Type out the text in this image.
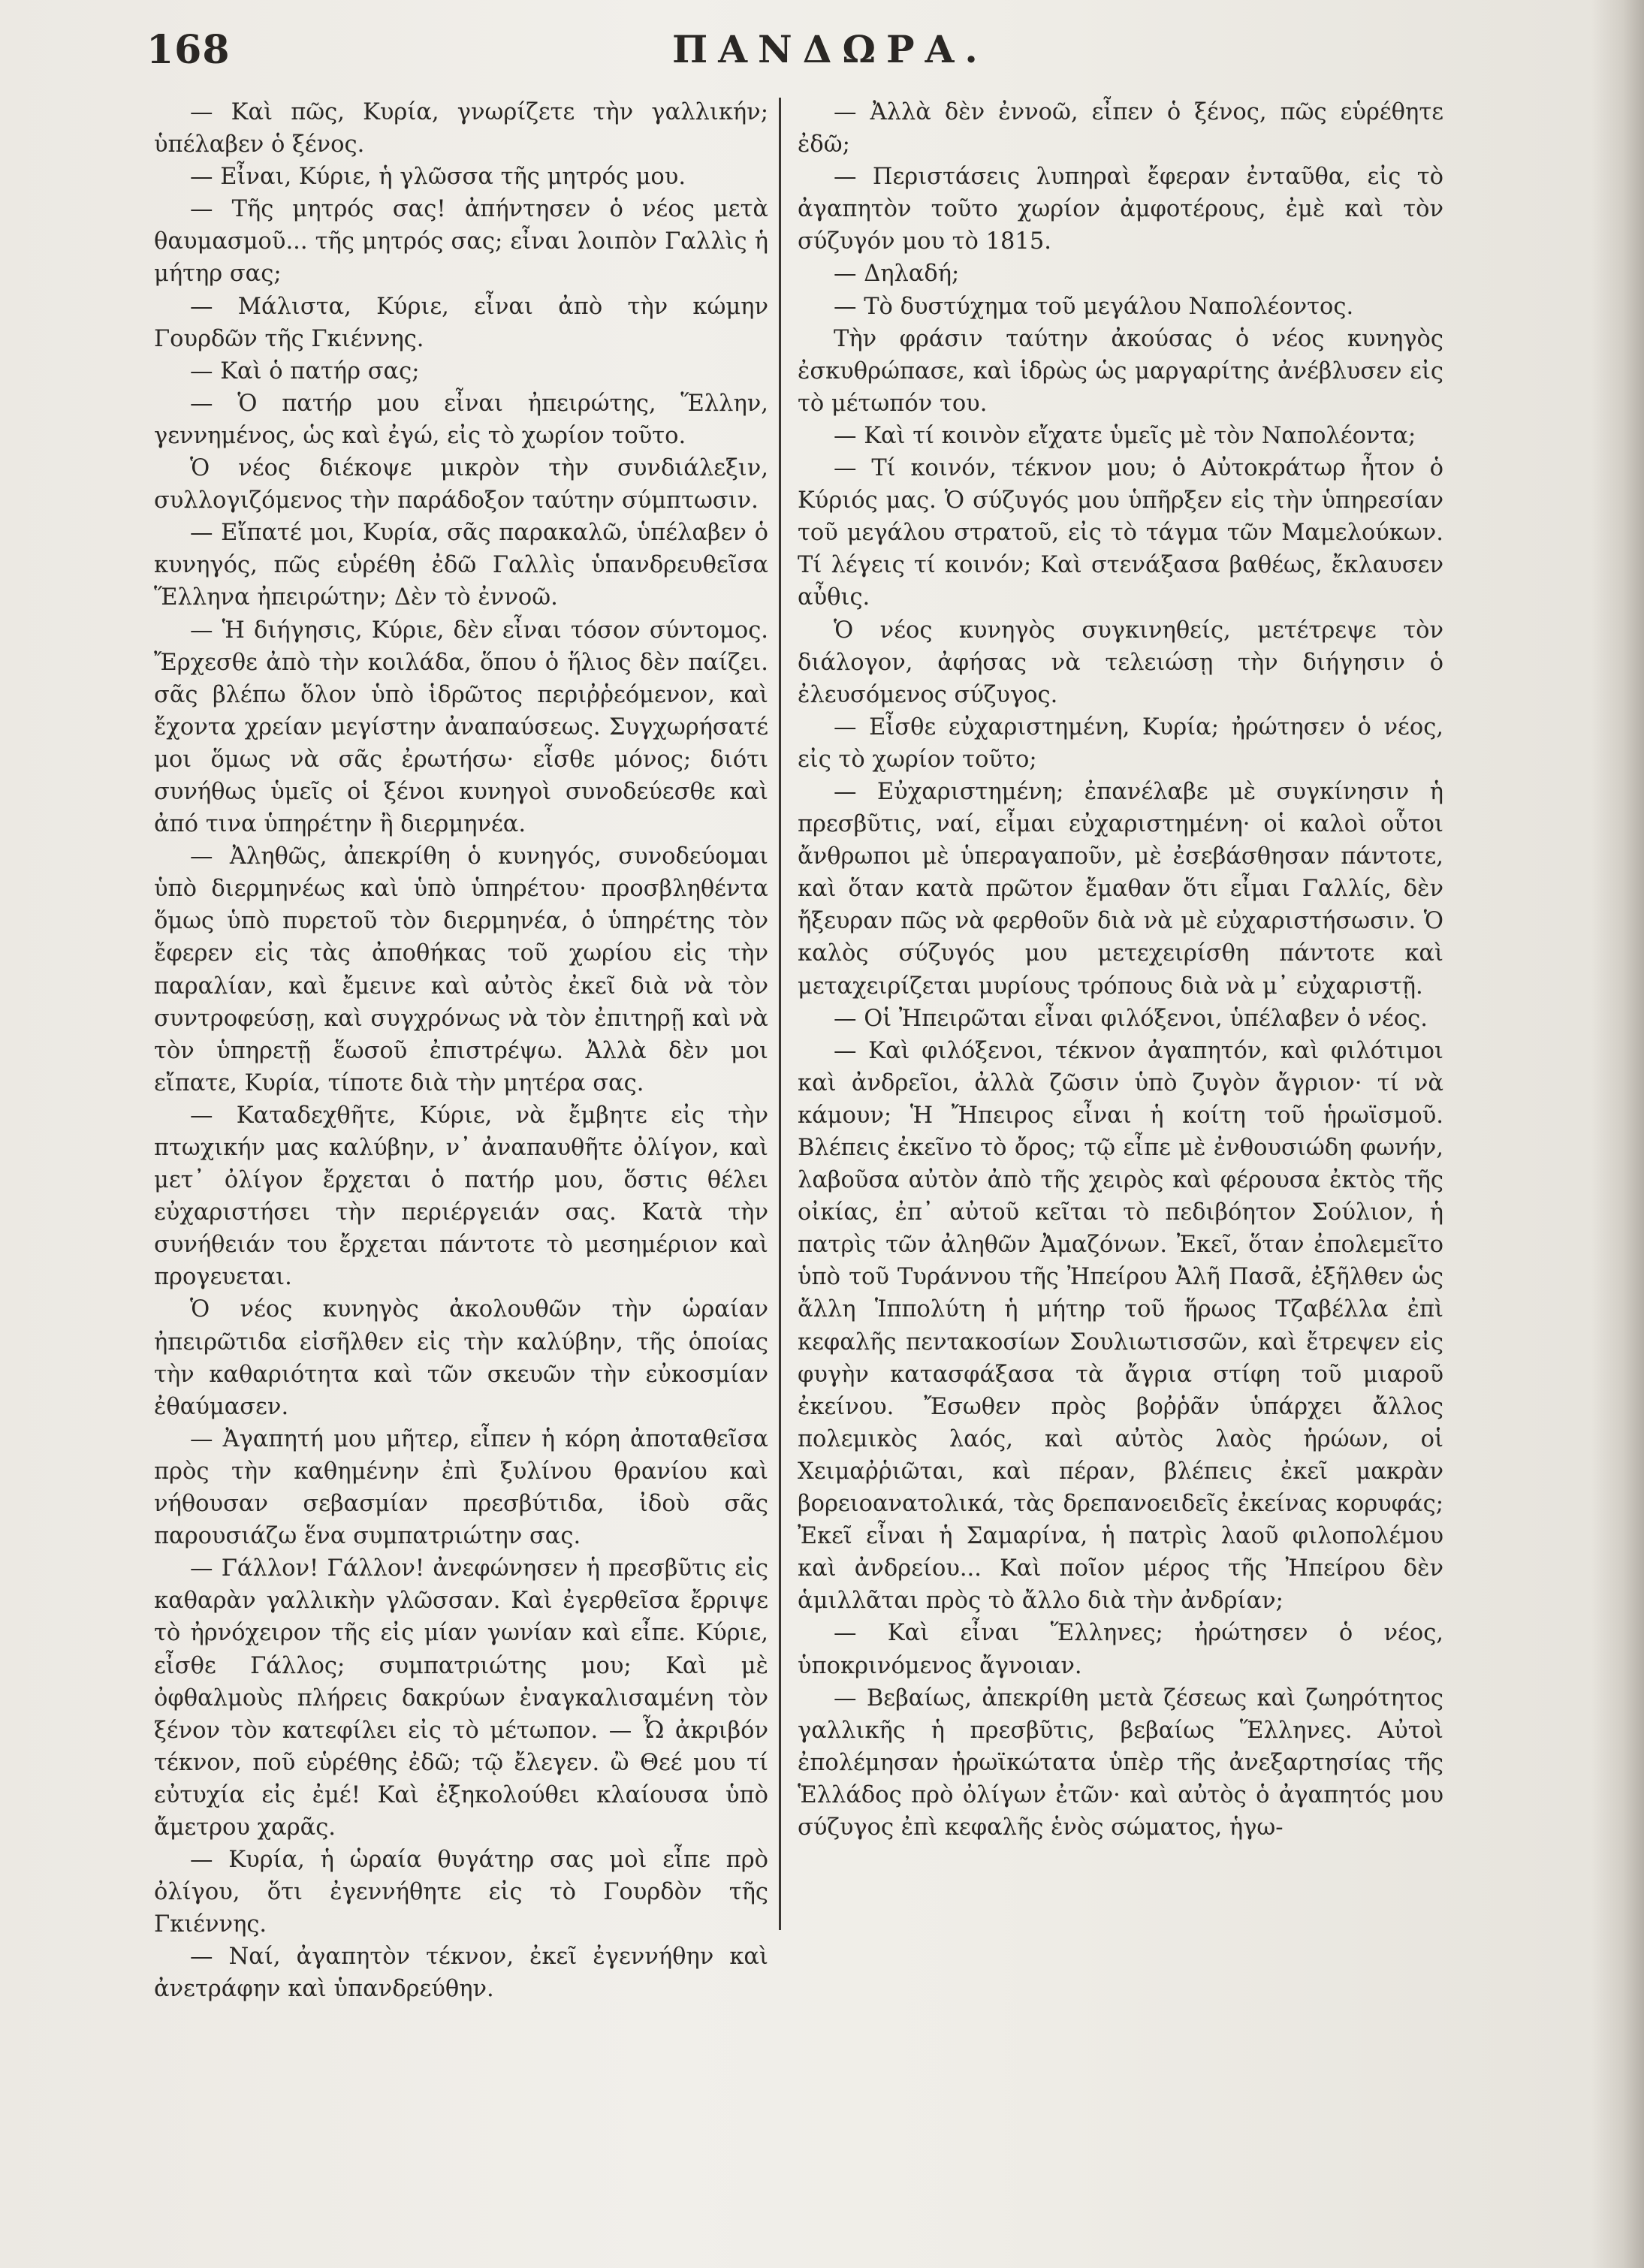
168	ΠΑΝΔΩΡΑ.

— Καὶ πῶς, Κυρία, γνωρίζετε τὴν γαλλικήν; ὑπέλαβεν ὁ ξένος.

— Εἶναι, Κύριε, ἡ γλῶσσα τῆς μητρός μου.

— Τῆς μητρός σας! ἀπήντησεν ὁ νέος μετὰ θαυμασμοῦ... τῆς μητρός σας; εἶναι λοιπὸν Γαλλὶς ἡ μήτηρ σας;

— Μάλιστα, Κύριε, εἶναι ἀπὸ τὴν κώμην Γουρδῶν τῆς Γκιέννης.

— Καὶ ὁ πατήρ σας;

— Ὁ πατήρ μου εἶναι ἠπειρώτης, Ἕλλην, γεννημένος, ὡς καὶ ἐγώ, εἰς τὸ χωρίον τοῦτο.

Ὁ νέος διέκοψε μικρὸν τὴν συνδιάλεξιν, συλλογιζόμενος τὴν παράδοξον ταύτην σύμπτωσιν.

— Εἴπατέ μοι, Κυρία, σᾶς παρακαλῶ, ὑπέλαβεν ὁ κυνηγός, πῶς εὑρέθη ἐδῶ Γαλλὶς ὑπανδρευθεῖσα Ἕλληνα ἠπειρώτην; Δὲν τὸ ἐννοῶ.

— Ἡ διήγησις, Κύριε, δὲν εἶναι τόσον σύντομος. Ἔρχεσθε ἀπὸ τὴν κοιλάδα, ὅπου ὁ ἥλιος δὲν παίζει. σᾶς βλέπω ὅλον ὑπὸ ἱδρῶτος περιῤῥεόμενον, καὶ ἔχοντα χρείαν μεγίστην ἀναπαύσεως. Συγχωρήσατέ μοι ὅμως νὰ σᾶς ἐρωτήσω· εἶσθε μόνος; διότι συνήθως ὑμεῖς οἱ ξένοι κυνηγοὶ συνοδεύεσθε καὶ ἀπό τινα ὑπηρέτην ἢ διερμηνέα.

— Ἀληθῶς, ἀπεκρίθη ὁ κυνηγός, συνοδεύομαι ὑπὸ διερμηνέως καὶ ὑπὸ ὑπηρέτου· προσβληθέντα ὅμως ὑπὸ πυρετοῦ τὸν διερμηνέα, ὁ ὑπηρέτης τὸν ἔφερεν εἰς τὰς ἀποθήκας τοῦ χωρίου εἰς τὴν παραλίαν, καὶ ἔμεινε καὶ αὐτὸς ἐκεῖ διὰ νὰ τὸν συντροφεύσῃ, καὶ συγχρόνως νὰ τὸν ἐπιτηρῇ καὶ νὰ τὸν ὑπηρετῇ ἕωσοῦ ἐπιστρέψω. Ἀλλὰ δὲν μοι εἴπατε, Κυρία, τίποτε διὰ τὴν μητέρα σας.

— Καταδεχθῆτε, Κύριε, νὰ ἔμβητε εἰς τὴν πτωχικήν μας καλύβην, ν᾽ ἀναπαυθῆτε ὀλίγον, καὶ μετ᾽ ὀλίγον ἔρχεται ὁ πατήρ μου, ὅστις θέλει εὐχαριστήσει τὴν περιέργειάν σας. Κατὰ τὴν συνήθειάν του ἔρχεται πάντοτε τὸ μεσημέριον καὶ προγευεται.

Ὁ νέος κυνηγὸς ἀκολουθῶν τὴν ὡραίαν ἠπειρῶτιδα εἰσῆλθεν εἰς τὴν καλύβην, τῆς ὁποίας τὴν καθαριότητα καὶ τῶν σκευῶν τὴν εὐκοσμίαν ἐθαύμασεν.

— Ἀγαπητή μου μῆτερ, εἶπεν ἡ κόρη ἀποταθεῖσα πρὸς τὴν καθημένην ἐπὶ ξυλίνου θρανίου καὶ νήθουσαν σεβασμίαν πρεσβύτιδα, ἰδοὺ σᾶς παρουσιάζω ἕνα συμπατριώτην σας.

— Γάλλον! Γάλλον! ἀνεφώνησεν ἡ πρεσβῦτις εἰς καθαρὰν γαλλικὴν γλῶσσαν. Καὶ ἐγερθεῖσα ἔρριψε τὸ ἠρνόχειρον τῆς εἰς μίαν γωνίαν καὶ εἶπε. Κύριε, εἶσθε Γάλλος; συμπατριώτης μου; Καὶ μὲ ὀφθαλμοὺς πλήρεις δακρύων ἐναγκαλισαμένη τὸν ξένον τὸν κατεφίλει εἰς τὸ μέτωπον. — Ὦ ἀκριβόν τέκνον, ποῦ εὑρέθης ἐδῶ; τῷ ἔλεγεν. ὢ Θεέ μου τί εὐτυχία εἰς ἐμέ! Καὶ ἐξηκολούθει κλαίουσα ὑπὸ ἄμετρου χαρᾶς.

— Κυρία, ἡ ὡραία θυγάτηρ σας μοὶ εἶπε πρὸ ὀλίγου, ὅτι ἐγεννήθητε εἰς τὸ Γουρδὸν τῆς Γκιέννης.

— Ναί, ἀγαπητὸν τέκνον, ἐκεῖ ἐγεννήθην καὶ ἀνετράφην καὶ ὑπανδρεύθην.

— Ἀλλὰ δὲν ἐννοῶ, εἶπεν ὁ ξένος, πῶς εὑρέθητε ἐδῶ;

— Περιστάσεις λυπηραὶ ἔφεραν ἐνταῦθα, εἰς τὸ ἀγαπητὸν τοῦτο χωρίον ἀμφοτέρους, ἐμὲ καὶ τὸν σύζυγόν μου τὸ 1815.

— Δηλαδή;

— Τὸ δυστύχημα τοῦ μεγάλου Ναπολέοντος.

Τὴν φράσιν ταύτην ἀκούσας ὁ νέος κυνηγὸς ἐσκυθρώπασε, καὶ ἱδρὼς ὡς μαργαρίτης ἀνέβλυσεν εἰς τὸ μέτωπόν του.

— Καὶ τί κοινὸν εἴχατε ὑμεῖς μὲ τὸν Ναπολέοντα;

— Τί κοινόν, τέκνον μου; ὁ Αὐτοκράτωρ ἦτον ὁ Κύριός μας. Ὁ σύζυγός μου ὑπῆρξεν εἰς τὴν ὑπηρεσίαν τοῦ μεγάλου στρατοῦ, εἰς τὸ τάγμα τῶν Μαμελούκων. Τί λέγεις τί κοινόν; Καὶ στενάξασα βαθέως, ἔκλαυσεν αὖθις.

Ὁ νέος κυνηγὸς συγκινηθείς, μετέτρεψε τὸν διάλογον, ἀφήσας νὰ τελειώσῃ τὴν διήγησιν ὁ ἐλευσόμενος σύζυγος.

— Εἶσθε εὐχαριστημένη, Κυρία; ἠρώτησεν ὁ νέος, εἰς τὸ χωρίον τοῦτο;

— Εὐχαριστημένη; ἐπανέλαβε μὲ συγκίνησιν ἡ πρεσβῦτις, ναί, εἶμαι εὐχαριστημένη· οἱ καλοὶ οὗτοι ἄνθρωποι μὲ ὑπεραγαποῦν, μὲ ἐσεβάσθησαν πάντοτε, καὶ ὅταν κατὰ πρῶτον ἔμαθαν ὅτι εἶμαι Γαλλίς, δὲν ἤξευραν πῶς νὰ φερθοῦν διὰ νὰ μὲ εὐχαριστήσωσιν. Ὁ καλὸς σύζυγός μου μετεχειρίσθη πάντοτε καὶ μεταχειρίζεται μυρίους τρόπους διὰ νὰ μ᾽ εὐχαριστῇ.

— Οἱ Ἠπειρῶται εἶναι φιλόξενοι, ὑπέλαβεν ὁ νέος.

— Καὶ φιλόξενοι, τέκνον ἀγαπητόν, καὶ φιλότιμοι καὶ ἀνδρεῖοι, ἀλλὰ ζῶσιν ὑπὸ ζυγὸν ἄγριον· τί νὰ κάμουν; Ἡ Ἤπειρος εἶναι ἡ κοίτη τοῦ ἡρωϊσμοῦ. Βλέπεις ἐκεῖνο τὸ ὄρος; τῷ εἶπε μὲ ἐνθουσιώδη φωνήν, λαβοῦσα αὐτὸν ἀπὸ τῆς χειρὸς καὶ φέρουσα ἐκτὸς τῆς οἰκίας, ἐπ᾽ αὐτοῦ κεῖται τὸ πεδιβόητον Σούλιον, ἡ πατρὶς τῶν ἀληθῶν Ἀμαζόνων. Ἐκεῖ, ὅταν ἐπολεμεῖτο ὑπὸ τοῦ Τυράννου τῆς Ἠπείρου Ἀλῆ Πασᾶ, ἐξῆλθεν ὡς ἄλλη Ἱππολύτη ἡ μήτηρ τοῦ ἥρωος Τζαβέλλα ἐπὶ κεφαλῆς πεντακοσίων Σουλιωτισσῶν, καὶ ἔτρεψεν εἰς φυγὴν κατασφάξασα τὰ ἄγρια στίφη τοῦ μιαροῦ ἐκείνου. Ἔσωθεν πρὸς βοῤῥᾶν ὑπάρχει ἄλλος πολεμικὸς λαός, καὶ αὐτὸς λαὸς ἡρώων, οἱ Χειμαῤῥιῶται, καὶ πέραν, βλέπεις ἐκεῖ μακρὰν βορειοανατολικά, τὰς δρεπανοειδεῖς ἐκείνας κορυφάς; Ἐκεῖ εἶναι ἡ Σαμαρίνα, ἡ πατρὶς λαοῦ φιλοπολέμου καὶ ἀνδρείου... Καὶ ποῖον μέρος τῆς Ἠπείρου δὲν ἁμιλλᾶται πρὸς τὸ ἄλλο διὰ τὴν ἀνδρίαν;

— Καὶ εἶναι Ἕλληνες; ἠρώτησεν ὁ νέος, ὑποκρινόμενος ἄγνοιαν.

— Βεβαίως, ἀπεκρίθη μετὰ ζέσεως καὶ ζωηρότητος γαλλικῆς ἡ πρεσβῦτις, βεβαίως Ἕλληνες. Αὐτοὶ ἐπολέμησαν ἡρωϊκώτατα ὑπὲρ τῆς ἀνεξαρτησίας τῆς Ἑλλάδος πρὸ ὀλίγων ἐτῶν· καὶ αὐτὸς ὁ ἀγαπητός μου σύζυγος ἐπὶ κεφαλῆς ἑνὸς σώματος, ἡγω-
